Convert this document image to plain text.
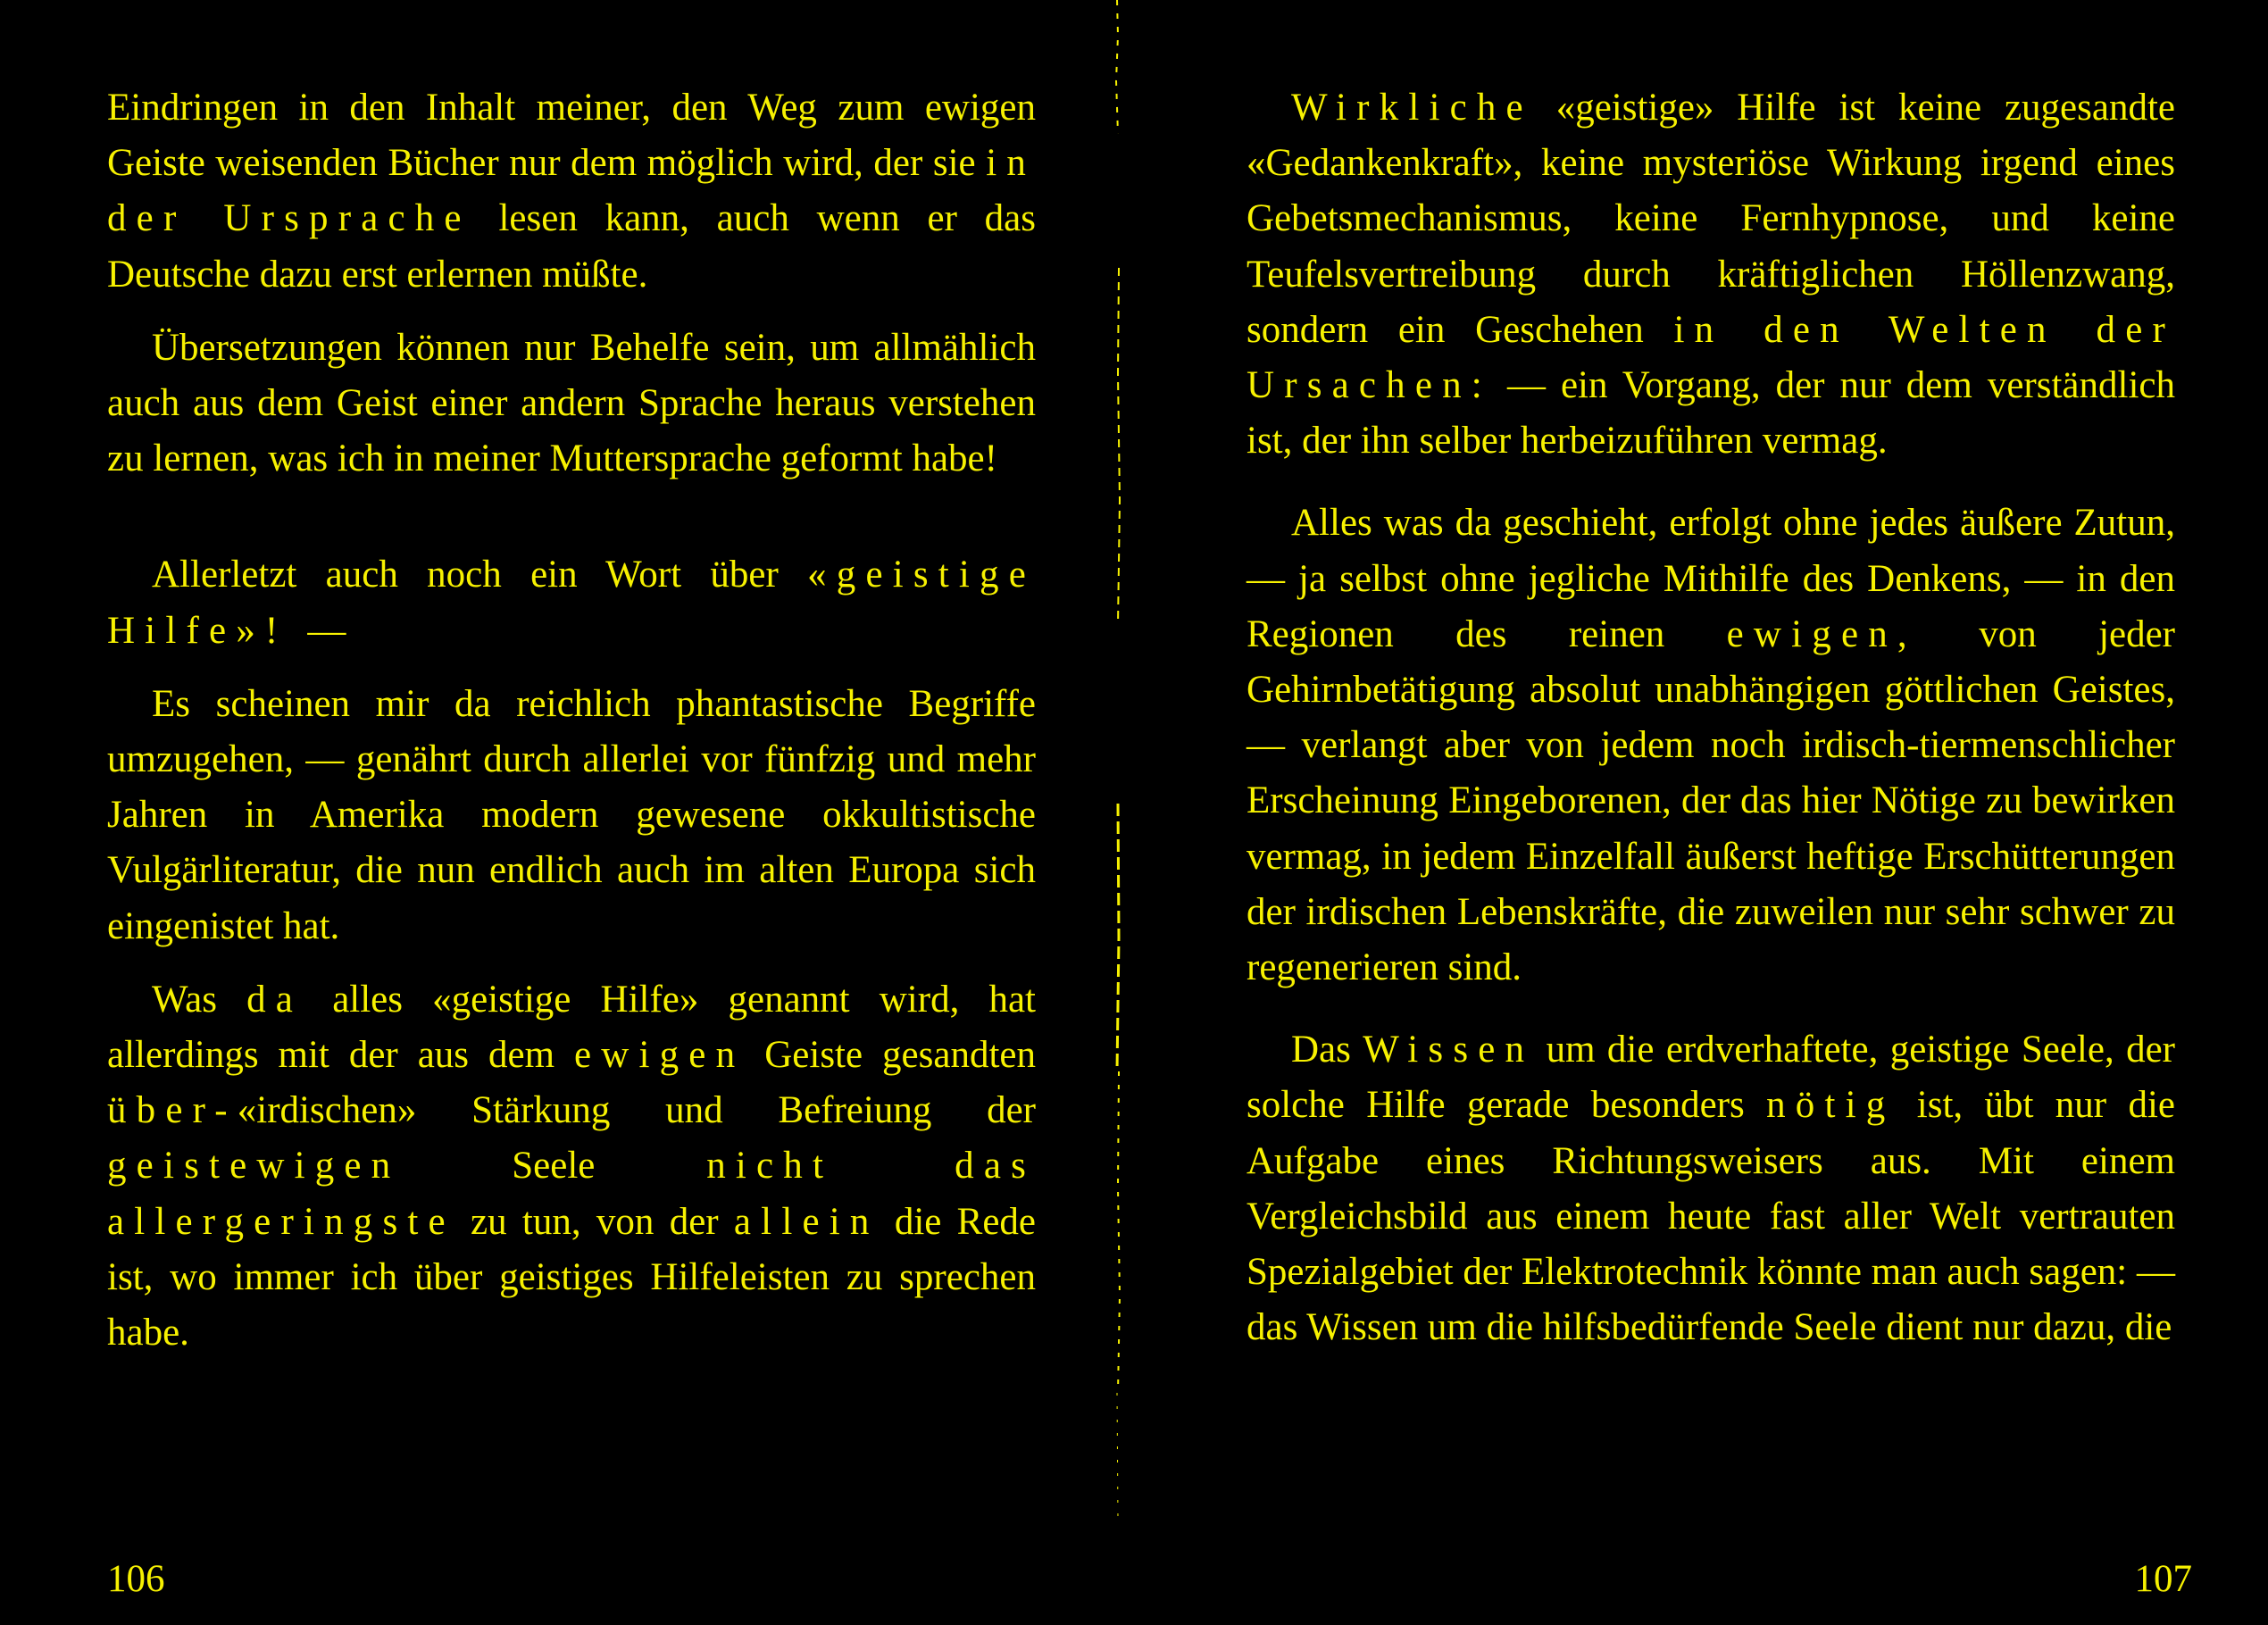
Eindringen in den Inhalt meiner, den Weg zum ewigen Geiste weisenden Bücher nur dem möglich wird, der sie in der Ursprache lesen kann, auch wenn er das Deutsche dazu erst erlernen müßte.

Übersetzungen können nur Behelfe sein, um allmählich auch aus dem Geist einer andern Sprache heraus verstehen zu lernen, was ich in meiner Muttersprache geformt habe!

Allerletzt auch noch ein Wort über «geistige Hilfe»! —

Es scheinen mir da reichlich phantastische Begriffe umzugehen, — genährt durch allerlei vor fünfzig und mehr Jahren in Amerika modern gewesene okkultistische Vulgärliteratur, die nun endlich auch im alten Europa sich eingenistet hat.

Was da alles «geistige Hilfe» genannt wird, hat allerdings mit der aus dem ewigen Geiste gesandten über-«irdischen» Stärkung und Befreiung der geistewigen Seele nicht das allergeringste zu tun, von der allein die Rede ist, wo immer ich über geistiges Hilfeleisten zu sprechen habe.

106

Wirkliche «geistige» Hilfe ist keine zugesandte «Gedankenkraft», keine mysteriöse Wirkung irgend eines Gebetsmechanismus, keine Fernhypnose, und keine Teufelsvertreibung durch kräftiglichen Höllenzwang, sondern ein Geschehen in den Welten der Ursachen: — ein Vorgang, der nur dem verständlich ist, der ihn selber herbeizuführen vermag.

Alles was da geschieht, erfolgt ohne jedes äußere Zutun, — ja selbst ohne jegliche Mithilfe des Denkens, — in den Regionen des reinen ewigen, von jeder Gehirnbetätigung absolut unabhängigen göttlichen Geistes, — verlangt aber von jedem noch irdisch-tiermenschlicher Erscheinung Eingeborenen, der das hier Nötige zu bewirken vermag, in jedem Einzelfall äußerst heftige Erschütterungen der irdischen Lebenskräfte, die zuweilen nur sehr schwer zu regenerieren sind.

Das Wissen um die erdverhaftete, geistige Seele, der solche Hilfe gerade besonders nötig ist, übt nur die Aufgabe eines Richtungsweisers aus. Mit einem Vergleichsbild aus einem heute fast aller Welt vertrauten Spezialgebiet der Elektrotechnik könnte man auch sagen: — das Wissen um die hilfsbedürfende Seele dient nur dazu, die

107
